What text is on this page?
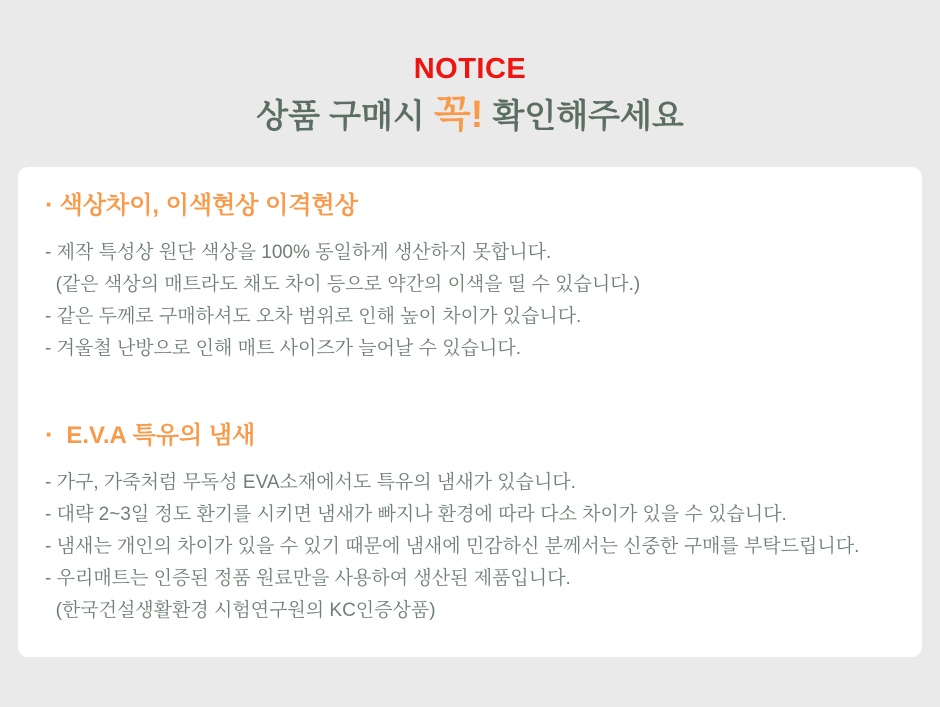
NOTICE
상품 구매시 꼭! 확인해주세요
· 색상차이, 이색현상 이격현상

- 제작 특성상 원단 색상을 100% 동일하게 생산하지 못합니다.

(같은 색상의 매트라도 채도 차이 등으로 약간의 이색을 띨 수 있습니다.)

- 같은 두께로 구매하셔도 오차 범위로 인해 높이 차이가 있습니다.

- 겨울철 난방으로 인해 매트 사이즈가 늘어날 수 있습니다.

· E.V.A 특유의 냄새

- 가구, 가죽처럼 무독성 EVA소재에서도 특유의 냄새가 있습니다.

- 대략 2~3일 정도 환기를 시키면 냄새가 빠지나 환경에 따라 다소 차이가 있을 수 있습니다.

- 냄새는 개인의 차이가 있을 수 있기 때문에 냄새에 민감하신 분께서는 신중한 구매를 부탁드립니다.

- 우리매트는 인증된 정품 원료만을 사용하여 생산된 제품입니다.

(한국건설생활환경 시험연구원의 KC인증상품)
